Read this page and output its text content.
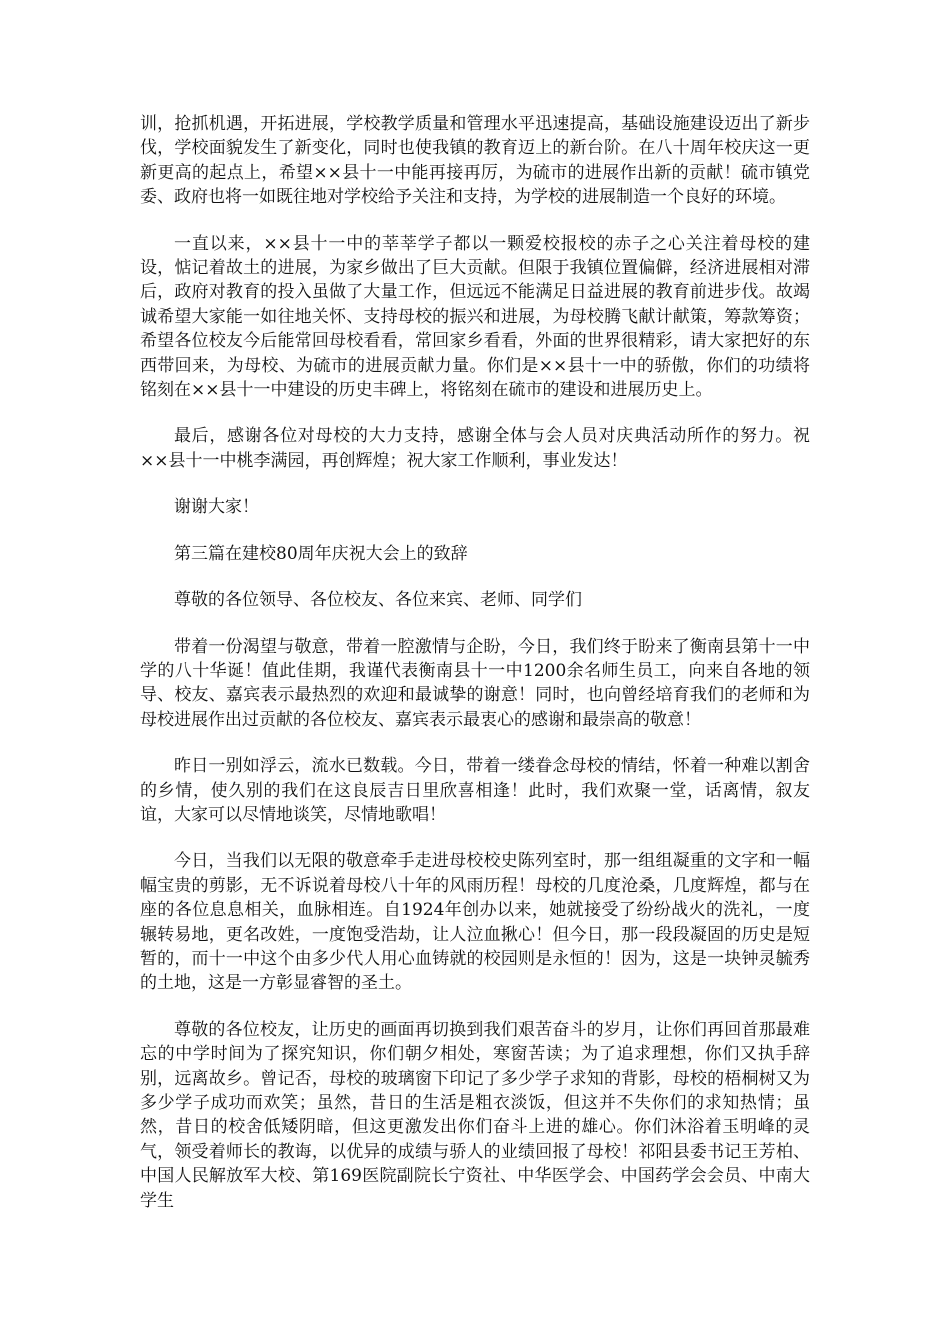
训，抢抓机遇，开拓进展，学校教学质量和管理水平迅速提高，基础设施建设迈出了新步伐，学校面貌发生了新变化，同时也使我镇的教育迈上的新台阶。在八十周年校庆这一更新更高的起点上，希望××县十一中能再接再厉，为硫市的进展作出新的贡献！硫市镇党委、政府也将一如既往地对学校给予关注和支持，为学校的进展制造一个良好的环境。

一直以来，××县十一中的莘莘学子都以一颗爱校报校的赤子之心关注着母校的建设，惦记着故土的进展，为家乡做出了巨大贡献。但限于我镇位置偏僻，经济进展相对滞后，政府对教育的投入虽做了大量工作，但远远不能满足日益进展的教育前进步伐。故竭诚希望大家能一如往地关怀、支持母校的振兴和进展，为母校腾飞献计献策，筹款筹资；希望各位校友今后能常回母校看看，常回家乡看看，外面的世界很精彩，请大家把好的东西带回来，为母校、为硫市的进展贡献力量。你们是××县十一中的骄傲，你们的功绩将铭刻在××县十一中建设的历史丰碑上，将铭刻在硫市的建设和进展历史上。

最后，感谢各位对母校的大力支持，感谢全体与会人员对庆典活动所作的努力。祝××县十一中桃李满园，再创辉煌；祝大家工作顺利，事业发达！

谢谢大家！

第三篇在建校80周年庆祝大会上的致辞

尊敬的各位领导、各位校友、各位来宾、老师、同学们

带着一份渴望与敬意，带着一腔激情与企盼，今日，我们终于盼来了衡南县第十一中学的八十华诞！值此佳期，我谨代表衡南县十一中1200余名师生员工，向来自各地的领导、校友、嘉宾表示最热烈的欢迎和最诚挚的谢意！同时，也向曾经培育我们的老师和为母校进展作出过贡献的各位校友、嘉宾表示最衷心的感谢和最崇高的敬意！

昨日一别如浮云，流水已数载。今日，带着一缕眷念母校的情结，怀着一种难以割舍的乡情，使久别的我们在这良辰吉日里欣喜相逢！此时，我们欢聚一堂，话离情，叙友谊，大家可以尽情地谈笑，尽情地歌唱！

今日，当我们以无限的敬意牵手走进母校校史陈列室时，那一组组凝重的文字和一幅幅宝贵的剪影，无不诉说着母校八十年的风雨历程！母校的几度沧桑，几度辉煌，都与在座的各位息息相关，血脉相连。自1924年创办以来，她就接受了纷纷战火的洗礼，一度辗转易地，更名改姓，一度饱受浩劫，让人泣血揪心！但今日，那一段段凝固的历史是短暂的，而十一中这个由多少代人用心血铸就的校园则是永恒的！因为，这是一块钟灵毓秀的土地，这是一方彰显睿智的圣土。

尊敬的各位校友，让历史的画面再切换到我们艰苦奋斗的岁月，让你们再回首那最难忘的中学时间为了探究知识，你们朝夕相处，寒窗苦读；为了追求理想，你们又执手辞别，远离故乡。曾记否，母校的玻璃窗下印记了多少学子求知的背影，母校的梧桐树又为多少学子成功而欢笑；虽然，昔日的生活是粗衣淡饭，但这并不失你们的求知热情；虽然，昔日的校舍低矮阴暗，但这更激发出你们奋斗上进的雄心。你们沐浴着玉明峰的灵气，领受着师长的教诲，以优异的成绩与骄人的业绩回报了母校！祁阳县委书记王芳柏、中国人民解放军大校、第169医院副院长宁资社、中华医学会、中国药学会会员、中南大学生
